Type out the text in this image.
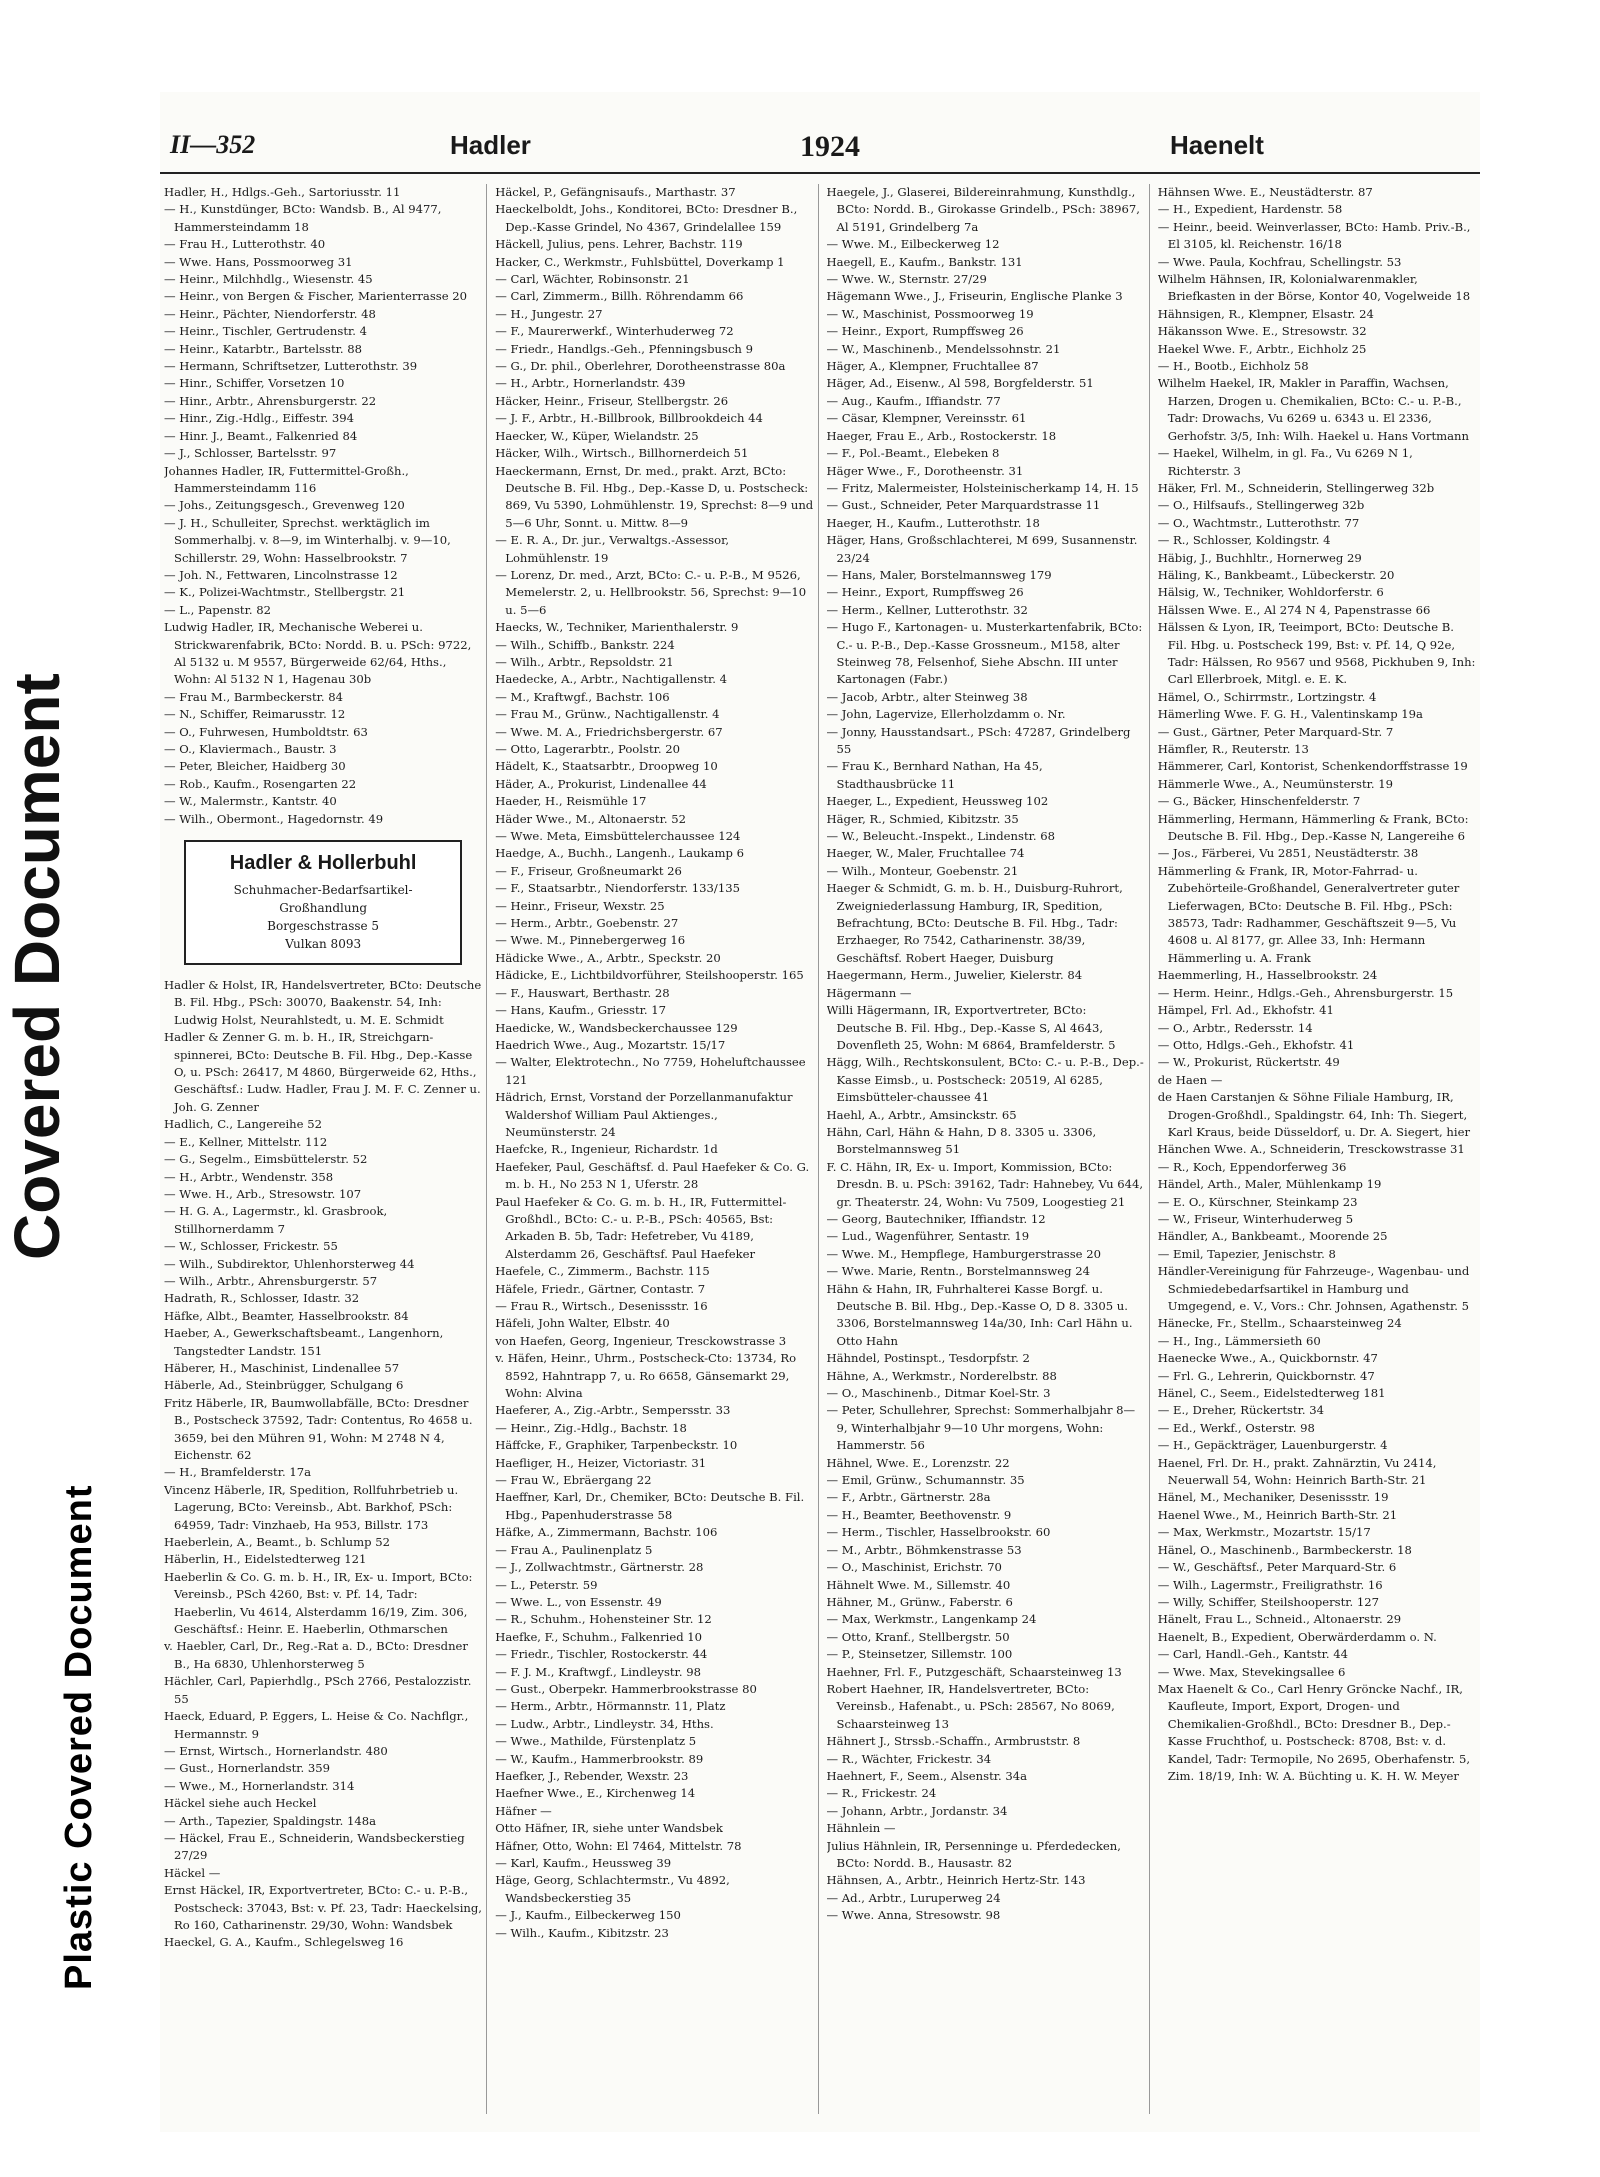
Covered Document
Plastic Covered Document
II—352	Hadler	1924	Haenelt

Hadler, H., Hdlgs.-Geh., Sartoriusstr. 11

— H., Kunstdünger, BCto: Wandsb. B., Al 9477, Hammersteindamm 18

— Frau H., Lutterothstr. 40

— Wwe. Hans, Possmoorweg 31

— Heinr., Milchhdlg., Wiesenstr. 45

— Heinr., von Bergen & Fischer, Marienterrasse 20

— Heinr., Pächter, Niendorferstr. 48

— Heinr., Tischler, Gertrudenstr. 4

— Heinr., Katarbtr., Bartelsstr. 88

— Hermann, Schriftsetzer, Lutterothstr. 39

— Hinr., Schiffer, Vorsetzen 10

— Hinr., Arbtr., Ahrensburgerstr. 22

— Hinr., Zig.-Hdlg., Eiffestr. 394

— Hinr. J., Beamt., Falkenried 84

— J., Schlosser, Bartelsstr. 97

Johannes Hadler, IR, Futtermittel-Großh., Hammersteindamm 116

— Johs., Zeitungsgesch., Grevenweg 120

— J. H., Schulleiter, Sprechst. werktäglich im Sommerhalbj. v. 8—9, im Winterhalbj. v. 9—10, Schillerstr. 29, Wohn: Hasselbrookstr. 7

— Joh. N., Fettwaren, Lincolnstrasse 12

— K., Polizei-Wachtmstr., Stellbergstr. 21

— L., Papenstr. 82

Ludwig Hadler, IR, Mechanische Weberei u. Strickwarenfabrik, BCto: Nordd. B. u. PSch: 9722, Al 5132 u. M 9557, Bürgerweide 62/64, Hths., Wohn: Al 5132 N 1, Hagenau 30b

— Frau M., Barmbeckerstr. 84

— N., Schiffer, Reimarusstr. 12

— O., Fuhrwesen, Humboldtstr. 63

— O., Klaviermach., Baustr. 3

— Peter, Bleicher, Haidberg 30

— Rob., Kaufm., Rosengarten 22

— W., Malermstr., Kantstr. 40

— Wilh., Obermont., Hagedornstr. 49

Hadler & Hollerbuhl
Schuhmacher-Bedarfsartikel-Großhandlung
Borgeschstrasse 5
Vulkan 8093

Hadler & Holst, IR, Handelsvertreter, BCto: Deutsche B. Fil. Hbg., PSch: 30070, Baakenstr. 54, Inh: Ludwig Holst, Neurahlstedt, u. M. E. Schmidt

Hadler & Zenner G. m. b. H., IR, Streichgarn-spinnerei, BCto: Deutsche B. Fil. Hbg., Dep.-Kasse O, u. PSch: 26417, M 4860, Bürgerweide 62, Hths., Geschäftsf.: Ludw. Hadler, Frau J. M. F. C. Zenner u. Joh. G. Zenner

Hadlich, C., Langereihe 52

— E., Kellner, Mittelstr. 112

— G., Segelm., Eimsbüttelerstr. 52

— H., Arbtr., Wendenstr. 358

— Wwe. H., Arb., Stresowstr. 107

— H. G. A., Lagermstr., kl. Grasbrook, Stillhornerdamm 7

— W., Schlosser, Frickestr. 55

— Wilh., Subdirektor, Uhlenhorsterweg 44

— Wilh., Arbtr., Ahrensburgerstr. 57

Hadrath, R., Schlosser, Idastr. 32

Häfke, Albt., Beamter, Hasselbrookstr. 84

Haeber, A., Gewerkschaftsbeamt., Langenhorn, Tangstedter Landstr. 151

Häberer, H., Maschinist, Lindenallee 57

Häberle, Ad., Steinbrügger, Schulgang 6

Fritz Häberle, IR, Baumwollabfälle, BCto: Dresdner B., Postscheck 37592, Tadr: Contentus, Ro 4658 u. 3659, bei den Mühren 91, Wohn: M 2748 N 4, Eichenstr. 62

— H., Bramfelderstr. 17a

Vincenz Häberle, IR, Spedition, Rollfuhrbetrieb u. Lagerung, BCto: Vereinsb., Abt. Barkhof, PSch: 64959, Tadr: Vinzhaeb, Ha 953, Billstr. 173

Haeberlein, A., Beamt., b. Schlump 52

Häberlin, H., Eidelstedterweg 121

Haeberlin & Co. G. m. b. H., IR, Ex- u. Import, BCto: Vereinsb., PSch 4260, Bst: v. Pf. 14, Tadr: Haeberlin, Vu 4614, Alsterdamm 16/19, Zim. 306, Geschäftsf.: Heinr. E. Haeberlin, Othmarschen

v. Haebler, Carl, Dr., Reg.-Rat a. D., BCto: Dresdner B., Ha 6830, Uhlenhorsterweg 5

Hächler, Carl, Papierhdlg., PSch 2766, Pestalozzistr. 55

Haeck, Eduard, P. Eggers, L. Heise & Co. Nachflgr., Hermannstr. 9

— Ernst, Wirtsch., Hornerlandstr. 480

— Gust., Hornerlandstr. 359

— Wwe., M., Hornerlandstr. 314

Häckel siehe auch Heckel

— Arth., Tapezier, Spaldingstr. 148a

— Häckel, Frau E., Schneiderin, Wandsbeckerstieg 27/29

Häckel —

Ernst Häckel, IR, Exportvertreter, BCto: C.- u. P.-B., Postscheck: 37043, Bst: v. Pf. 23, Tadr: Haeckelsing, Ro 160, Catharinenstr. 29/30, Wohn: Wandsbek

Haeckel, G. A., Kaufm., Schlegelsweg 16

Häckel, P., Gefängnisaufs., Marthastr. 37

Haeckelboldt, Johs., Konditorei, BCto: Dresdner B., Dep.-Kasse Grindel, No 4367, Grindelallee 159

Häckell, Julius, pens. Lehrer, Bachstr. 119

Hacker, C., Werkmstr., Fuhlsbüttel, Doverkamp 1

— Carl, Wächter, Robinsonstr. 21

— Carl, Zimmerm., Billh. Röhrendamm 66

— H., Jungestr. 27

— F., Maurerwerkf., Winterhuderweg 72

— Friedr., Handlgs.-Geh., Pfenningsbusch 9

— G., Dr. phil., Oberlehrer, Dorotheenstrasse 80a

— H., Arbtr., Hornerlandstr. 439

Häcker, Heinr., Friseur, Stellbergstr. 26

— J. F., Arbtr., H.-Billbrook, Billbrookdeich 44

Haecker, W., Küper, Wielandstr. 25

Häcker, Wilh., Wirtsch., Billhornerdeich 51

Haeckermann, Ernst, Dr. med., prakt. Arzt, BCto: Deutsche B. Fil. Hbg., Dep.-Kasse D, u. Postscheck: 869, Vu 5390, Lohmühlenstr. 19, Sprechst: 8—9 und 5—6 Uhr, Sonnt. u. Mittw. 8—9

— E. R. A., Dr. jur., Verwaltgs.-Assessor, Lohmühlenstr. 19

— Lorenz, Dr. med., Arzt, BCto: C.- u. P.-B., M 9526, Memelerstr. 2, u. Hellbrookstr. 56, Sprechst: 9—10 u. 5—6

Haecks, W., Techniker, Marienthalerstr. 9

— Wilh., Schiffb., Bankstr. 224

— Wilh., Arbtr., Repsoldstr. 21

Haedecke, A., Arbtr., Nachtigallenstr. 4

— M., Kraftwgf., Bachstr. 106

— Frau M., Grünw., Nachtigallenstr. 4

— Wwe. M. A., Friedrichsbergerstr. 67

— Otto, Lagerarbtr., Poolstr. 20

Hädelt, K., Staatsarbtr., Droopweg 10

Häder, A., Prokurist, Lindenallee 44

Haeder, H., Reismühle 17

Häder Wwe., M., Altonaerstr. 52

— Wwe. Meta, Eimsbüttelerchaussee 124

Haedge, A., Buchh., Langenh., Laukamp 6

— F., Friseur, Großneumarkt 26

— F., Staatsarbtr., Niendorferstr. 133/135

— Heinr., Friseur, Wexstr. 25

— Herm., Arbtr., Goebenstr. 27

— Wwe. M., Pinnebergerweg 16

Hädicke Wwe., A., Arbtr., Speckstr. 20

Hädicke, E., Lichtbildvorführer, Steilshooperstr. 165

— F., Hauswart, Berthastr. 28

— Hans, Kaufm., Griesstr. 17

Haedicke, W., Wandsbeckerchaussee 129

Haedrich Wwe., Aug., Mozartstr. 15/17

— Walter, Elektrotechn., No 7759, Hoheluftchaussee 121

Hädrich, Ernst, Vorstand der Porzellanmanufaktur Waldershof William Paul Aktienges., Neumünsterstr. 24

Haefcke, R., Ingenieur, Richardstr. 1d

Haefeker, Paul, Geschäftsf. d. Paul Haefeker & Co. G. m. b. H., No 253 N 1, Uferstr. 28

Paul Haefeker & Co. G. m. b. H., IR, Futtermittel-Großhdl., BCto: C.- u. P.-B., PSch: 40565, Bst: Arkaden B. 5b, Tadr: Hefetreber, Vu 4189, Alsterdamm 26, Geschäftsf. Paul Haefeker

Haefele, C., Zimmerm., Bachstr. 115

Häfele, Friedr., Gärtner, Contastr. 7

— Frau R., Wirtsch., Desenissstr. 16

Häfeli, John Walter, Elbstr. 40

von Haefen, Georg, Ingenieur, Tresckowstrasse 3

v. Häfen, Heinr., Uhrm., Postscheck-Cto: 13734, Ro 8592, Hahntrapp 7, u. Ro 6658, Gänsemarkt 29, Wohn: Alvina

Haeferer, A., Zig.-Arbtr., Sempersstr. 33

— Heinr., Zig.-Hdlg., Bachstr. 18

Häffcke, F., Graphiker, Tarpenbeckstr. 10

Haefliger, H., Heizer, Victoriastr. 31

— Frau W., Ebräergang 22

Haeffner, Karl, Dr., Chemiker, BCto: Deutsche B. Fil. Hbg., Papenhuderstrasse 58

Häfke, A., Zimmermann, Bachstr. 106

— Frau A., Paulinenplatz 5

— J., Zollwachtmstr., Gärtnerstr. 28

— L., Peterstr. 59

— Wwe. L., von Essenstr. 49

— R., Schuhm., Hohensteiner Str. 12

Haefke, F., Schuhm., Falkenried 10

— Friedr., Tischler, Rostockerstr. 44

— F. J. M., Kraftwgf., Lindleystr. 98

— Gust., Oberpekr. Hammerbrookstrasse 80

— Herm., Arbtr., Hörmannstr. 11, Platz

— Ludw., Arbtr., Lindleystr. 34, Hths.

— Wwe., Mathilde, Fürstenplatz 5

— W., Kaufm., Hammerbrookstr. 89

Haefker, J., Rebender, Wexstr. 23

Haefner Wwe., E., Kirchenweg 14

Häfner —

Otto Häfner, IR, siehe unter Wandsbek

Häfner, Otto, Wohn: El 7464, Mittelstr. 78

— Karl, Kaufm., Heussweg 39

Häge, Georg, Schlachtermstr., Vu 4892, Wandsbeckerstieg 35

— J., Kaufm., Eilbeckerweg 150

— Wilh., Kaufm., Kibitzstr. 23

Haegele, J., Glaserei, Bildereinrahmung, Kunsthdlg., BCto: Nordd. B., Girokasse Grindelb., PSch: 38967, Al 5191, Grindelberg 7a

— Wwe. M., Eilbeckerweg 12

Haegell, E., Kaufm., Bankstr. 131

— Wwe. W., Sternstr. 27/29

Hägemann Wwe., J., Friseurin, Englische Planke 3

— W., Maschinist, Possmoorweg 19

— Heinr., Export, Rumpffsweg 26

— W., Maschinenb., Mendelssohnstr. 21

Häger, A., Klempner, Fruchtallee 87

Häger, Ad., Eisenw., Al 598, Borgfelderstr. 51

— Aug., Kaufm., Iffiandstr. 77

— Cäsar, Klempner, Vereinsstr. 61

Haeger, Frau E., Arb., Rostockerstr. 18

— F., Pol.-Beamt., Elebeken 8

Häger Wwe., F., Dorotheenstr. 31

— Fritz, Malermeister, Holsteinischerkamp 14, H. 15

— Gust., Schneider, Peter Marquardstrasse 11

Haeger, H., Kaufm., Lutterothstr. 18

Häger, Hans, Großschlachterei, M 699, Susannenstr. 23/24

— Hans, Maler, Borstelmannsweg 179

— Heinr., Export, Rumpffsweg 26

— Herm., Kellner, Lutterothstr. 32

— Hugo F., Kartonagen- u. Musterkartenfabrik, BCto: C.- u. P.-B., Dep.-Kasse Grossneum., M158, alter Steinweg 78, Felsenhof, Siehe Abschn. III unter Kartonagen (Fabr.)

— Jacob, Arbtr., alter Steinweg 38

— John, Lagervize, Ellerholzdamm o. Nr.

— Jonny, Hausstandsart., PSch: 47287, Grindelberg 55

— Frau K., Bernhard Nathan, Ha 45, Stadthausbrücke 11

Haeger, L., Expedient, Heussweg 102

Häger, R., Schmied, Kibitzstr. 35

— W., Beleucht.-Inspekt., Lindenstr. 68

Haeger, W., Maler, Fruchtallee 74

— Wilh., Monteur, Goebenstr. 21

Haeger & Schmidt, G. m. b. H., Duisburg-Ruhrort, Zweigniederlassung Hamburg, IR, Spedition, Befrachtung, BCto: Deutsche B. Fil. Hbg., Tadr: Erzhaeger, Ro 7542, Catharinenstr. 38/39, Geschäftsf. Robert Haeger, Duisburg

Haegermann, Herm., Juwelier, Kielerstr. 84

Hägermann —

Willi Hägermann, IR, Exportvertreter, BCto: Deutsche B. Fil. Hbg., Dep.-Kasse S, Al 4643, Dovenfleth 25, Wohn: M 6864, Bramfelderstr. 5

Hägg, Wilh., Rechtskonsulent, BCto: C.- u. P.-B., Dep.-Kasse Eimsb., u. Postscheck: 20519, Al 6285, Eimsbütteler-chaussee 41

Haehl, A., Arbtr., Amsinckstr. 65

Hähn, Carl, Hähn & Hahn, D 8. 3305 u. 3306, Borstelmannsweg 51

F. C. Hähn, IR, Ex- u. Import, Kommission, BCto: Dresdn. B. u. PSch: 39162, Tadr: Hahnebey, Vu 644, gr. Theaterstr. 24, Wohn: Vu 7509, Loogestieg 21

— Georg, Bautechniker, Iffiandstr. 12

— Lud., Wagenführer, Sentastr. 19

— Wwe. M., Hempflege, Hamburgerstrasse 20

— Wwe. Marie, Rentn., Borstelmannsweg 24

Hähn & Hahn, IR, Fuhrhalterei Kasse Borgf. u. Deutsche B. Bil. Hbg., Dep.-Kasse O, D 8. 3305 u. 3306, Borstelmannsweg 14a/30, Inh: Carl Hähn u. Otto Hahn

Hähndel, Postinspt., Tesdorpfstr. 2

Hähne, A., Werkmstr., Norderelbstr. 88

— O., Maschinenb., Ditmar Koel-Str. 3

— Peter, Schullehrer, Sprechst: Sommerhalbjahr 8—9, Winterhalbjahr 9—10 Uhr morgens, Wohn: Hammerstr. 56

Hähnel, Wwe. E., Lorenzstr. 22

— Emil, Grünw., Schumannstr. 35

— F., Arbtr., Gärtnerstr. 28a

— H., Beamter, Beethovenstr. 9

— Herm., Tischler, Hasselbrookstr. 60

— M., Arbtr., Böhmkenstrasse 53

— O., Maschinist, Erichstr. 70

Hähnelt Wwe. M., Sillemstr. 40

Hähner, M., Grünw., Faberstr. 6

— Max, Werkmstr., Langenkamp 24

— Otto, Kranf., Stellbergstr. 50

— P., Steinsetzer, Sillemstr. 100

Haehner, Frl. F., Putzgeschäft, Schaarsteinweg 13

Robert Haehner, IR, Handelsvertreter, BCto: Vereinsb., Hafenabt., u. PSch: 28567, No 8069, Schaarsteinweg 13

Hähnert J., Strssb.-Schaffn., Armbruststr. 8

— R., Wächter, Frickestr. 34

Haehnert, F., Seem., Alsenstr. 34a

— R., Frickestr. 24

— Johann, Arbtr., Jordanstr. 34

Hähnlein —

Julius Hähnlein, IR, Persenninge u. Pferdedecken, BCto: Nordd. B., Hausastr. 82

Hähnsen, A., Arbtr., Heinrich Hertz-Str. 143

— Ad., Arbtr., Luruperweg 24

— Wwe. Anna, Stresowstr. 98

Hähnsen Wwe. E., Neustädterstr. 87

— H., Expedient, Hardenstr. 58

— Heinr., beeid. Weinverlasser, BCto: Hamb. Priv.-B., El 3105, kl. Reichenstr. 16/18

— Wwe. Paula, Kochfrau, Schellingstr. 53

Wilhelm Hähnsen, IR, Kolonialwarenmakler, Briefkasten in der Börse, Kontor 40, Vogelweide 18

Hähnsigen, R., Klempner, Elsastr. 24

Häkansson Wwe. E., Stresowstr. 32

Haekel Wwe. F., Arbtr., Eichholz 25

— H., Bootb., Eichholz 58

Wilhelm Haekel, IR, Makler in Paraffin, Wachsen, Harzen, Drogen u. Chemikalien, BCto: C.- u. P.-B., Tadr: Drowachs, Vu 6269 u. 6343 u. El 2336, Gerhofstr. 3/5, Inh: Wilh. Haekel u. Hans Vortmann

— Haekel, Wilhelm, in gl. Fa., Vu 6269 N 1, Richterstr. 3

Häker, Frl. M., Schneiderin, Stellingerweg 32b

— O., Hilfsaufs., Stellingerweg 32b

— O., Wachtmstr., Lutterothstr. 77

— R., Schlosser, Koldingstr. 4

Häbig, J., Buchhltr., Hornerweg 29

Häling, K., Bankbeamt., Lübeckerstr. 20

Hälsig, W., Techniker, Wohldorferstr. 6

Hälssen Wwe. E., Al 274 N 4, Papenstrasse 66

Hälssen & Lyon, IR, Teeimport, BCto: Deutsche B. Fil. Hbg. u. Postscheck 199, Bst: v. Pf. 14, Q 92e, Tadr: Hälssen, Ro 9567 und 9568, Pickhuben 9, Inh: Carl Ellerbroek, Mitgl. e. E. K.

Hämel, O., Schirrmstr., Lortzingstr. 4

Hämerling Wwe. F. G. H., Valentinskamp 19a

— Gust., Gärtner, Peter Marquard-Str. 7

Hämfler, R., Reuterstr. 13

Hämmerer, Carl, Kontorist, Schenkendorffstrasse 19

Hämmerle Wwe., A., Neumünsterstr. 19

— G., Bäcker, Hinschenfelderstr. 7

Hämmerling, Hermann, Hämmerling & Frank, BCto: Deutsche B. Fil. Hbg., Dep.-Kasse N, Langereihe 6

— Jos., Färberei, Vu 2851, Neustädterstr. 38

Hämmerling & Frank, IR, Motor-Fahrrad- u. Zubehörteile-Großhandel, Generalvertreter guter Lieferwagen, BCto: Deutsche B. Fil. Hbg., PSch: 38573, Tadr: Radhammer, Geschäftszeit 9—5, Vu 4608 u. Al 8177, gr. Allee 33, Inh: Hermann Hämmerling u. A. Frank

Haemmerling, H., Hasselbrookstr. 24

— Herm. Heinr., Hdlgs.-Geh., Ahrensburgerstr. 15

Hämpel, Frl. Ad., Ekhofstr. 41

— O., Arbtr., Redersstr. 14

— Otto, Hdlgs.-Geh., Ekhofstr. 41

— W., Prokurist, Rückertstr. 49

de Haen —

de Haen Carstanjen & Söhne Filiale Hamburg, IR, Drogen-Großhdl., Spaldingstr. 64, Inh: Th. Siegert, Karl Kraus, beide Düsseldorf, u. Dr. A. Siegert, hier

Hänchen Wwe. A., Schneiderin, Tresckowstrasse 31

— R., Koch, Eppendorferweg 36

Händel, Arth., Maler, Mühlenkamp 19

— E. O., Kürschner, Steinkamp 23

— W., Friseur, Winterhuderweg 5

Händler, A., Bankbeamt., Moorende 25

— Emil, Tapezier, Jenischstr. 8

Händler-Vereinigung für Fahrzeuge-, Wagenbau- und Schmiedebedarfsartikel in Hamburg und Umgegend, e. V., Vors.: Chr. Johnsen, Agathenstr. 5

Hänecke, Fr., Stellm., Schaarsteinweg 24

— H., Ing., Lämmersieth 60

Haenecke Wwe., A., Quickbornstr. 47

— Frl. G., Lehrerin, Quickbornstr. 47

Hänel, C., Seem., Eidelstedterweg 181

— E., Dreher, Rückertstr. 34

— Ed., Werkf., Osterstr. 98

— H., Gepäckträger, Lauenburgerstr. 4

Haenel, Frl. Dr. H., prakt. Zahnärztin, Vu 2414, Neuerwall 54, Wohn: Heinrich Barth-Str. 21

Hänel, M., Mechaniker, Desenissstr. 19

Haenel Wwe., M., Heinrich Barth-Str. 21

— Max, Werkmstr., Mozartstr. 15/17

Hänel, O., Maschinenb., Barmbeckerstr. 18

— W., Geschäftsf., Peter Marquard-Str. 6

— Wilh., Lagermstr., Freiligrathstr. 16

— Willy, Schiffer, Steilshooperstr. 127

Hänelt, Frau L., Schneid., Altonaerstr. 29

Haenelt, B., Expedient, Oberwärderdamm o. N.

— Carl, Handl.-Geh., Kantstr. 44

— Wwe. Max, Stevekingsallee 6

Max Haenelt & Co., Carl Henry Gröncke Nachf., IR, Kaufleute, Import, Export, Drogen- und Chemikalien-Großhdl., BCto: Dresdner B., Dep.-Kasse Fruchthof, u. Postscheck: 8708, Bst: v. d. Kandel, Tadr: Termopile, No 2695, Oberhafenstr. 5, Zim. 18/19, Inh: W. A. Büchting u. K. H. W. Meyer
